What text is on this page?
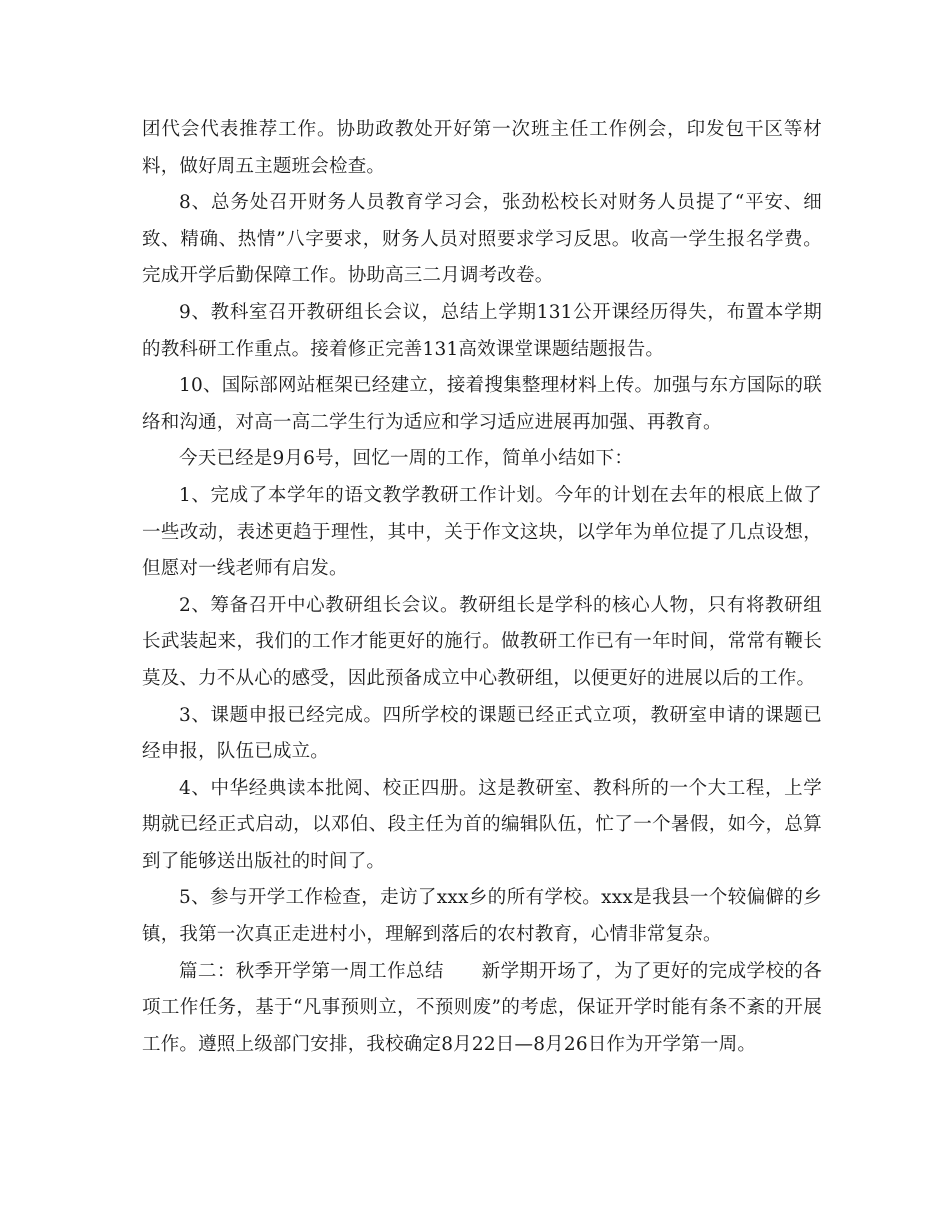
团代会代表推荐工作。协助政教处开好第一次班主任工作例会，印发包干区等材料，做好周五主题班会检查。

8、总务处召开财务人员教育学习会，张劲松校长对财务人员提了“平安、细致、精确、热情”八字要求，财务人员对照要求学习反思。收高一学生报名学费。完成开学后勤保障工作。协助高三二月调考改卷。

9、教科室召开教研组长会议，总结上学期131公开课经历得失，布置本学期的教科研工作重点。接着修正完善131高效课堂课题结题报告。

10、国际部网站框架已经建立，接着搜集整理材料上传。加强与东方国际的联络和沟通，对高一高二学生行为适应和学习适应进展再加强、再教育。

今天已经是9月6号，回忆一周的工作，简单小结如下：

1、完成了本学年的语文教学教研工作计划。今年的计划在去年的根底上做了一些改动，表述更趋于理性，其中，关于作文这块，以学年为单位提了几点设想，但愿对一线老师有启发。

2、筹备召开中心教研组长会议。教研组长是学科的核心人物，只有将教研组长武装起来，我们的工作才能更好的施行。做教研工作已有一年时间，常常有鞭长莫及、力不从心的感受，因此预备成立中心教研组，以便更好的进展以后的工作。

3、课题申报已经完成。四所学校的课题已经正式立项，教研室申请的课题已经申报，队伍已成立。

4、中华经典读本批阅、校正四册。这是教研室、教科所的一个大工程，上学期就已经正式启动，以邓伯、段主任为首的编辑队伍，忙了一个暑假，如今，总算到了能够送出版社的时间了。

5、参与开学工作检查，走访了xxx乡的所有学校。xxx是我县一个较偏僻的乡镇，我第一次真正走进村小，理解到落后的农村教育，心情非常复杂。

篇二：秋季开学第一周工作总结　　新学期开场了，为了更好的完成学校的各项工作任务，基于“凡事预则立，不预则废”的考虑，保证开学时能有条不紊的开展工作。遵照上级部门安排，我校确定8月22日—8月26日作为开学第一周。
